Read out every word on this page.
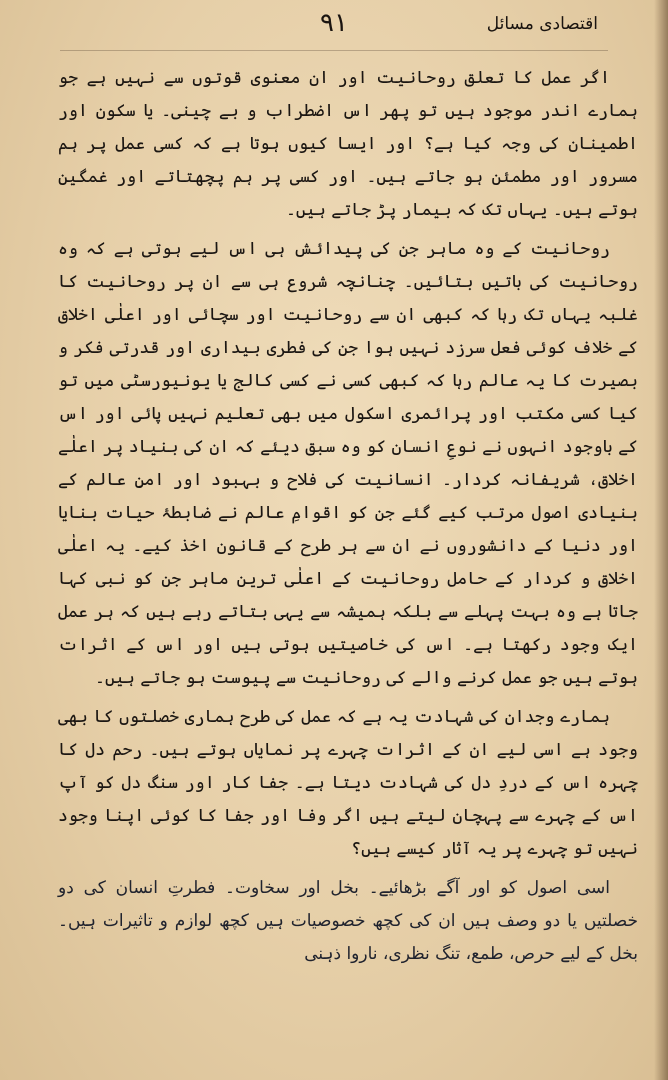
اقتصادی مسائل
٩١

اگر عمل کا تعلق روحانیت اور ان معنوی قوتوں سے نہیں ہے جو ہمارے اندر موجود ہیں تو پھر اس اضطراب و بے چینی۔ یا سکون اور اطمینان کی وجہ کیا ہے؟ اور ایسا کیوں ہوتا ہے کہ کسی عمل پر ہم مسرور اور مطمئن ہو جاتے ہیں۔ اور کسی پر ہم پچھتاتے اور غمگین ہوتے ہیں۔ یہاں تک کہ بیمار پڑ جاتے ہیں۔

روحانیت کے وہ ماہر جن کی پیدائش ہی اس لیے ہوتی ہے کہ وہ روحانیت کی باتیں بتائیں۔ چنانچہ شروع ہی سے ان پر روحانیت کا غلبہ یہاں تک رہا کہ کبھی ان سے روحانیت اور سچائی اور اعلٰی اخلاق کے خلاف کوئی فعل سرزد نہیں ہوا جن کی فطری بیداری اور قدرتی فکر و بصیرت کا یہ عالم رہا کہ کبھی کسی نے کسی کالج یا یونیورسٹی میں تو کیا کسی مکتب اور پرائمری اسکول میں بھی تعلیم نہیں پائی اور اس کے باوجود انہوں نے نوعِ انسان کو وہ سبق دیئے کہ ان کی بنیاد پر اعلٰے اخلاق، شریفانہ کردار۔ انسانیت کی فلاح و بہبود اور امنِ عالم کے بنیادی اصول مرتب کیے گئے جن کو اقوامِ عالم نے ضابطۂ حیات بنایا اور دنیا کے دانشوروں نے ان سے ہر طرح کے قانون اخذ کیے۔ یہ اعلٰی اخلاق و کردار کے حامل روحانیت کے اعلٰی ترین ماہر جن کو نبی کہا جاتا ہے وہ بہت پہلے سے بلکہ ہمیشہ سے یہی بتاتے رہے ہیں کہ ہر عمل ایک وجود رکھتا ہے۔ اس کی خاصیتیں ہوتی ہیں اور اس کے اثرات ہوتے ہیں جو عمل کرنے والے کی روحانیت سے پیوست ہو جاتے ہیں۔

ہمارے وجدان کی شہادت یہ ہے کہ عمل کی طرح ہماری خصلتوں کا بھی وجود ہے اسی لیے ان کے اثرات چہرے پر نمایاں ہوتے ہیں۔ رحم دل کا چہرہ اس کے دردِ دل کی شہادت دیتا ہے۔ جفا کار اور سنگ دل کو آپ اس کے چہرے سے پہچان لیتے ہیں اگر وفا اور جفا کا کوئی اپنا وجود نہیں تو چہرے پر یہ آثار کیسے ہیں؟

اسی اصول کو اور آگے بڑھائیے۔ بخل اور سخاوت۔ فطرتِ انسان کی دو خصلتیں یا دو وصف ہیں ان کی کچھ خصوصیات ہیں کچھ لوازم و تاثیرات ہیں۔ بخل کے لیے حرص، طمع، تنگ نظری، ناروا ذہنی
